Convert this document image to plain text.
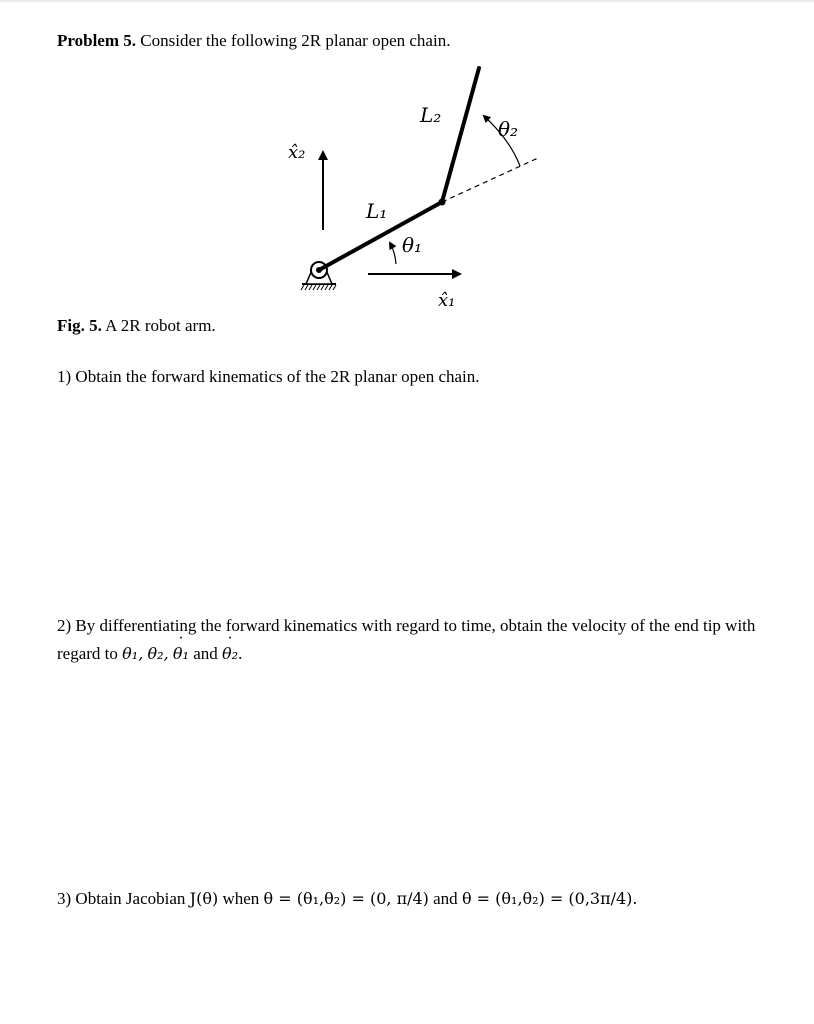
Problem 5. Consider the following 2R planar open chain.
L₂
L₁
θ₂
θ₁
x̂₂
x̂₁
Fig. 5. A 2R robot arm.
1) Obtain the forward kinematics of the 2R planar open chain.
2) By differentiating the forward kinematics with regard to time, obtain the velocity of the end tip with regard to θ₁, θ₂, ˙ θ₁ and ˙ θ₂.
3) Obtain Jacobian J(θ) when θ = (θ₁,θ₂) = (0, π/4) and θ = (θ₁,θ₂) = (0,3π/4).
